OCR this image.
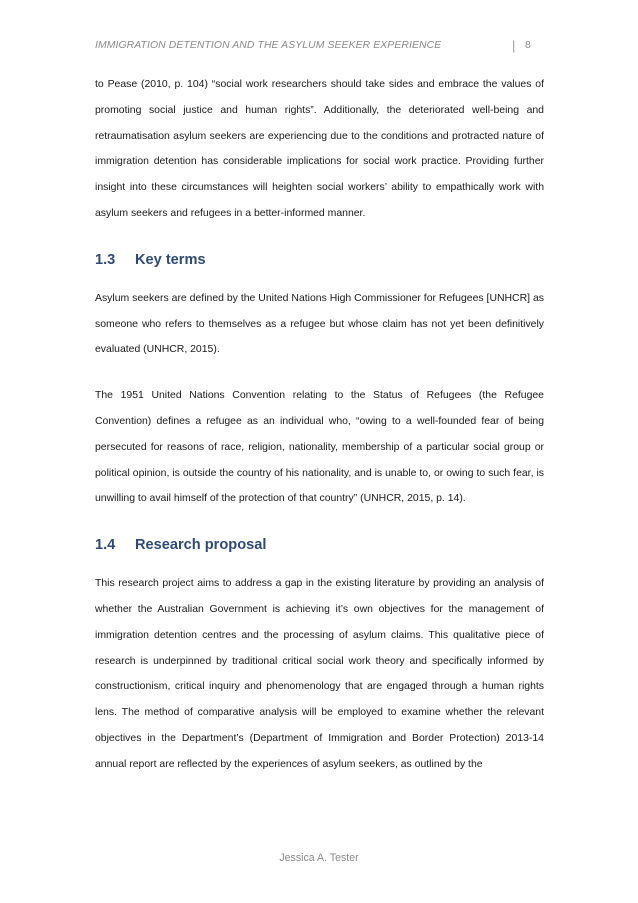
IMMIGRATION DETENTION AND THE ASYLUM SEEKER EXPERIENCE	| 8

to Pease (2010, p. 104) “social work researchers should take sides and embrace the values of promoting social justice and human rights”. Additionally, the deteriorated well-being and retraumatisation asylum seekers are experiencing due to the conditions and protracted nature of immigration detention has considerable implications for social work practice. Providing further insight into these circumstances will heighten social workers’ ability to empathically work with asylum seekers and refugees in a better-informed manner.

1.3 Key terms

Asylum seekers are defined by the United Nations High Commissioner for Refugees [UNHCR] as someone who refers to themselves as a refugee but whose claim has not yet been definitively evaluated (UNHCR, 2015).

The 1951 United Nations Convention relating to the Status of Refugees (the Refugee Convention) defines a refugee as an individual who, “owing to a well-founded fear of being persecuted for reasons of race, religion, nationality, membership of a particular social group or political opinion, is outside the country of his nationality, and is unable to, or owing to such fear, is unwilling to avail himself of the protection of that country” (UNHCR, 2015, p. 14).

1.4 Research proposal

This research project aims to address a gap in the existing literature by providing an analysis of whether the Australian Government is achieving it’s own objectives for the management of immigration detention centres and the processing of asylum claims. This qualitative piece of research is underpinned by traditional critical social work theory and specifically informed by constructionism, critical inquiry and phenomenology that are engaged through a human rights lens. The method of comparative analysis will be employed to examine whether the relevant objectives in the Department’s (Department of Immigration and Border Protection) 2013-14 annual report are reflected by the experiences of asylum seekers, as outlined by the

Jessica A. Tester
